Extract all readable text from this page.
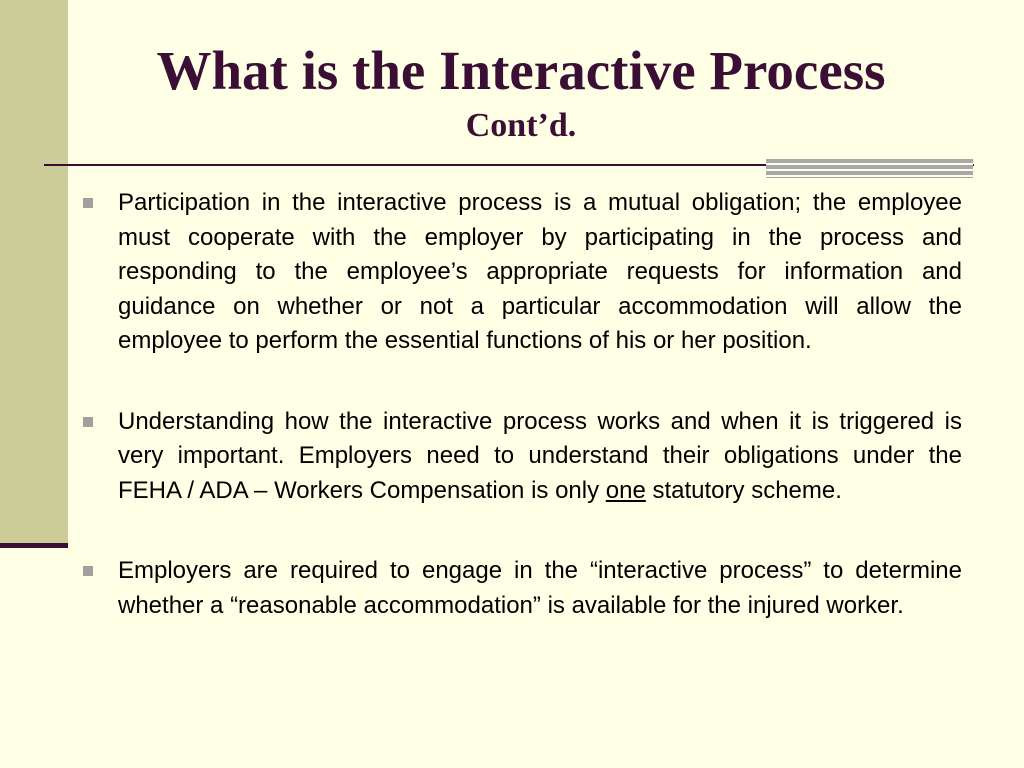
What is the Interactive Process
Cont’d.
Participation in the interactive process is a mutual obligation; the employee must cooperate with the employer by participating in the process and responding to the employee’s appropriate requests for information and guidance on whether or not a particular accommodation will allow the employee to perform the essential functions of his or her position.
Understanding how the interactive process works and when it is triggered is very important. Employers need to understand their obligations under the FEHA / ADA – Workers Compensation is only one statutory scheme.
Employers are required to engage in the “interactive process” to determine whether a “reasonable accommodation” is available for the injured worker.
